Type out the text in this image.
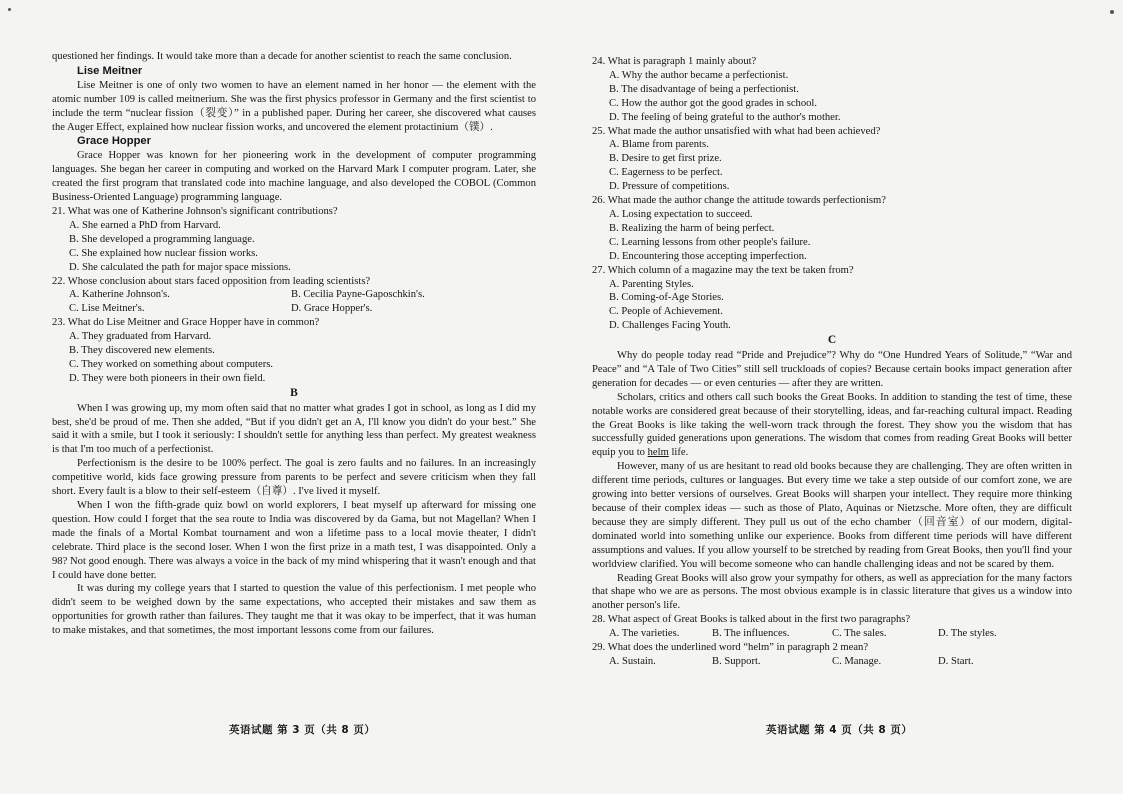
questioned her findings. It would take more than a decade for another scientist to reach the same conclusion.

Lise Meitner

Lise Meitner is one of only two women to have an element named in her honor — the element with the atomic number 109 is called meitnerium. She was the first physics professor in Germany and the first scientist to include the term “nuclear fission（裂变）” in a published paper. During her career, she discovered what causes the Auger Effect, explained how nuclear fission works, and uncovered the element protactinium（镤）.

Grace Hopper

Grace Hopper was known for her pioneering work in the development of computer programming languages. She began her career in computing and worked on the Harvard Mark I computer program. Later, she created the first program that translated code into machine language, and also developed the COBOL (Common Business-Oriented Language) programming language.

21. What was one of Katherine Johnson's significant contributions?
A. She earned a PhD from Harvard.
B. She developed a programming language.
C. She explained how nuclear fission works.
D. She calculated the path for major space missions.
22. Whose conclusion about stars faced opposition from leading scientists?
A. Katherine Johnson's.	B. Cecilia Payne-Gaposchkin's.
C. Lise Meitner's.	D. Grace Hopper's.
23. What do Lise Meitner and Grace Hopper have in common?
A. They graduated from Harvard.
B. They discovered new elements.
C. They worked on something about computers.
D. They were both pioneers in their own field.
B

When I was growing up, my mom often said that no matter what grades I got in school, as long as I did my best, she'd be proud of me. Then she added, “But if you didn't get an A, I'll know you didn't do your best.” She said it with a smile, but I took it seriously: I shouldn't settle for anything less than perfect. My greatest weakness is that I'm too much of a perfectionist.

Perfectionism is the desire to be 100% perfect. The goal is zero faults and no failures. In an increasingly competitive world, kids face growing pressure from parents to be perfect and severe criticism when they fall short. Every fault is a blow to their self-esteem（自尊）. I've lived it myself.

When I won the fifth-grade quiz bowl on world explorers, I beat myself up afterward for missing one question. How could I forget that the sea route to India was discovered by da Gama, but not Magellan? When I made the finals of a Mortal Kombat tournament and won a lifetime pass to a local movie theater, I didn't celebrate. Third place is the second loser. When I won the first prize in a math test, I was disappointed. Only a 98? Not good enough. There was always a voice in the back of my mind whispering that it wasn't enough and that I could have done better.

It was during my college years that I started to question the value of this perfectionism. I met people who didn't seem to be weighed down by the same expectations, who accepted their mistakes and saw them as opportunities for growth rather than failures. They taught me that it was okay to be imperfect, that it was human to make mistakes, and that sometimes, the most important lessons come from our failures.

24. What is paragraph 1 mainly about?
A. Why the author became a perfectionist.
B. The disadvantage of being a perfectionist.
C. How the author got the good grades in school.
D. The feeling of being grateful to the author's mother.
25. What made the author unsatisfied with what had been achieved?
A. Blame from parents.
B. Desire to get first prize.
C. Eagerness to be perfect.
D. Pressure of competitions.
26. What made the author change the attitude towards perfectionism?
A. Losing expectation to succeed.
B. Realizing the harm of being perfect.
C. Learning lessons from other people's failure.
D. Encountering those accepting imperfection.
27. Which column of a magazine may the text be taken from?
A. Parenting Styles.
B. Coming-of-Age Stories.
C. People of Achievement.
D. Challenges Facing Youth.
C

Why do people today read “Pride and Prejudice”? Why do “One Hundred Years of Solitude,” “War and Peace” and “A Tale of Two Cities” still sell truckloads of copies? Because certain books impact generation after generation for decades — or even centuries — after they are written.

Scholars, critics and others call such books the Great Books. In addition to standing the test of time, these notable works are considered great because of their storytelling, ideas, and far-reaching cultural impact. Reading the Great Books is like taking the well-worn track through the forest. They show you the wisdom that has successfully guided generations upon generations. The wisdom that comes from reading Great Books will better equip you to helm life.

However, many of us are hesitant to read old books because they are challenging. They are often written in different time periods, cultures or languages. But every time we take a step outside of our comfort zone, we are growing into better versions of ourselves. Great Books will sharpen your intellect. They require more thinking because of their complex ideas — such as those of Plato, Aquinas or Nietzsche. More often, they are difficult because they are simply different. They pull us out of the echo chamber（回音室）of our modern, digital-dominated world into something unlike our experience. Books from different time periods will have different assumptions and values. If you allow yourself to be stretched by reading from Great Books, then you'll find your worldview clarified. You will become someone who can handle challenging ideas and not be scared by them.

Reading Great Books will also grow your sympathy for others, as well as appreciation for the many factors that shape who we are as persons. The most obvious example is in classic literature that gives us a window into another person's life.

28. What aspect of Great Books is talked about in the first two paragraphs?
A. The varieties.	B. The influences.	C. The sales.	D. The styles.
29. What does the underlined word “helm” in paragraph 2 mean?
A. Sustain.	B. Support.	C. Manage.	D. Start.
英语试题 第 3 页（共 8 页）	英语试题 第 4 页（共 8 页）
